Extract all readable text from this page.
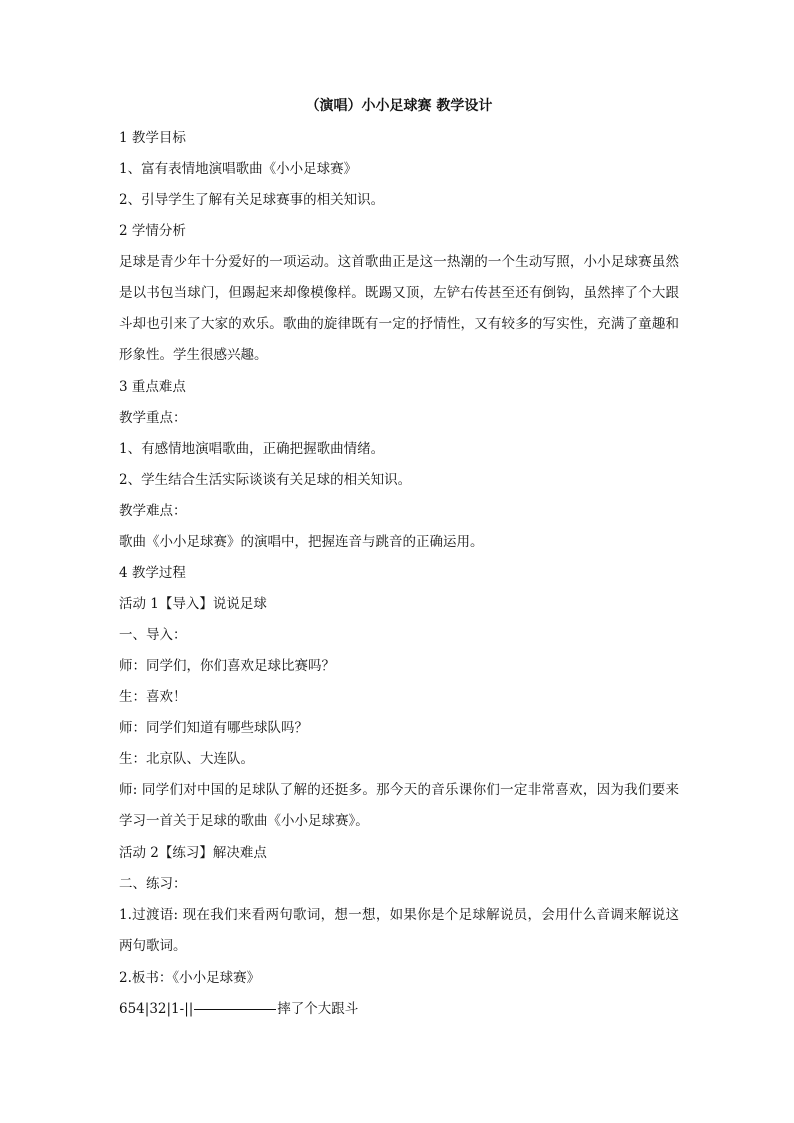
（演唱）小小足球赛 教学设计
1 教学目标
1、富有表情地演唱歌曲《小小足球赛》
2、引导学生了解有关足球赛事的相关知识。
2 学情分析
足球是青少年十分爱好的一项运动。这首歌曲正是这一热潮的一个生动写照，小小足球赛虽然是以书包当球门，但踢起来却像模像样。既踢又顶，左铲右传甚至还有倒钩，虽然摔了个大跟斗却也引来了大家的欢乐。歌曲的旋律既有一定的抒情性，又有较多的写实性，充满了童趣和形象性。学生很感兴趣。
3 重点难点
教学重点：
1、有感情地演唱歌曲，正确把握歌曲情绪。
2、学生结合生活实际谈谈有关足球的相关知识。
教学难点：
歌曲《小小足球赛》的演唱中，把握连音与跳音的正确运用。
4 教学过程
活动 1【导入】说说足球
一、导入：
师：同学们，你们喜欢足球比赛吗？
生：喜欢！
师：同学们知道有哪些球队吗？
生：北京队、大连队。
师: 同学们对中国的足球队了解的还挺多。那今天的音乐课你们一定非常喜欢，因为我们要来学习一首关于足球的歌曲《小小足球赛》。
活动 2【练习】解决难点
二、练习：
1.过渡语: 现在我们来看两句歌词，想一想，如果你是个足球解说员，会用什么音调来解说这两句歌词。
2.板书：《小小足球赛》
654|32|1-||	摔了个大跟斗
